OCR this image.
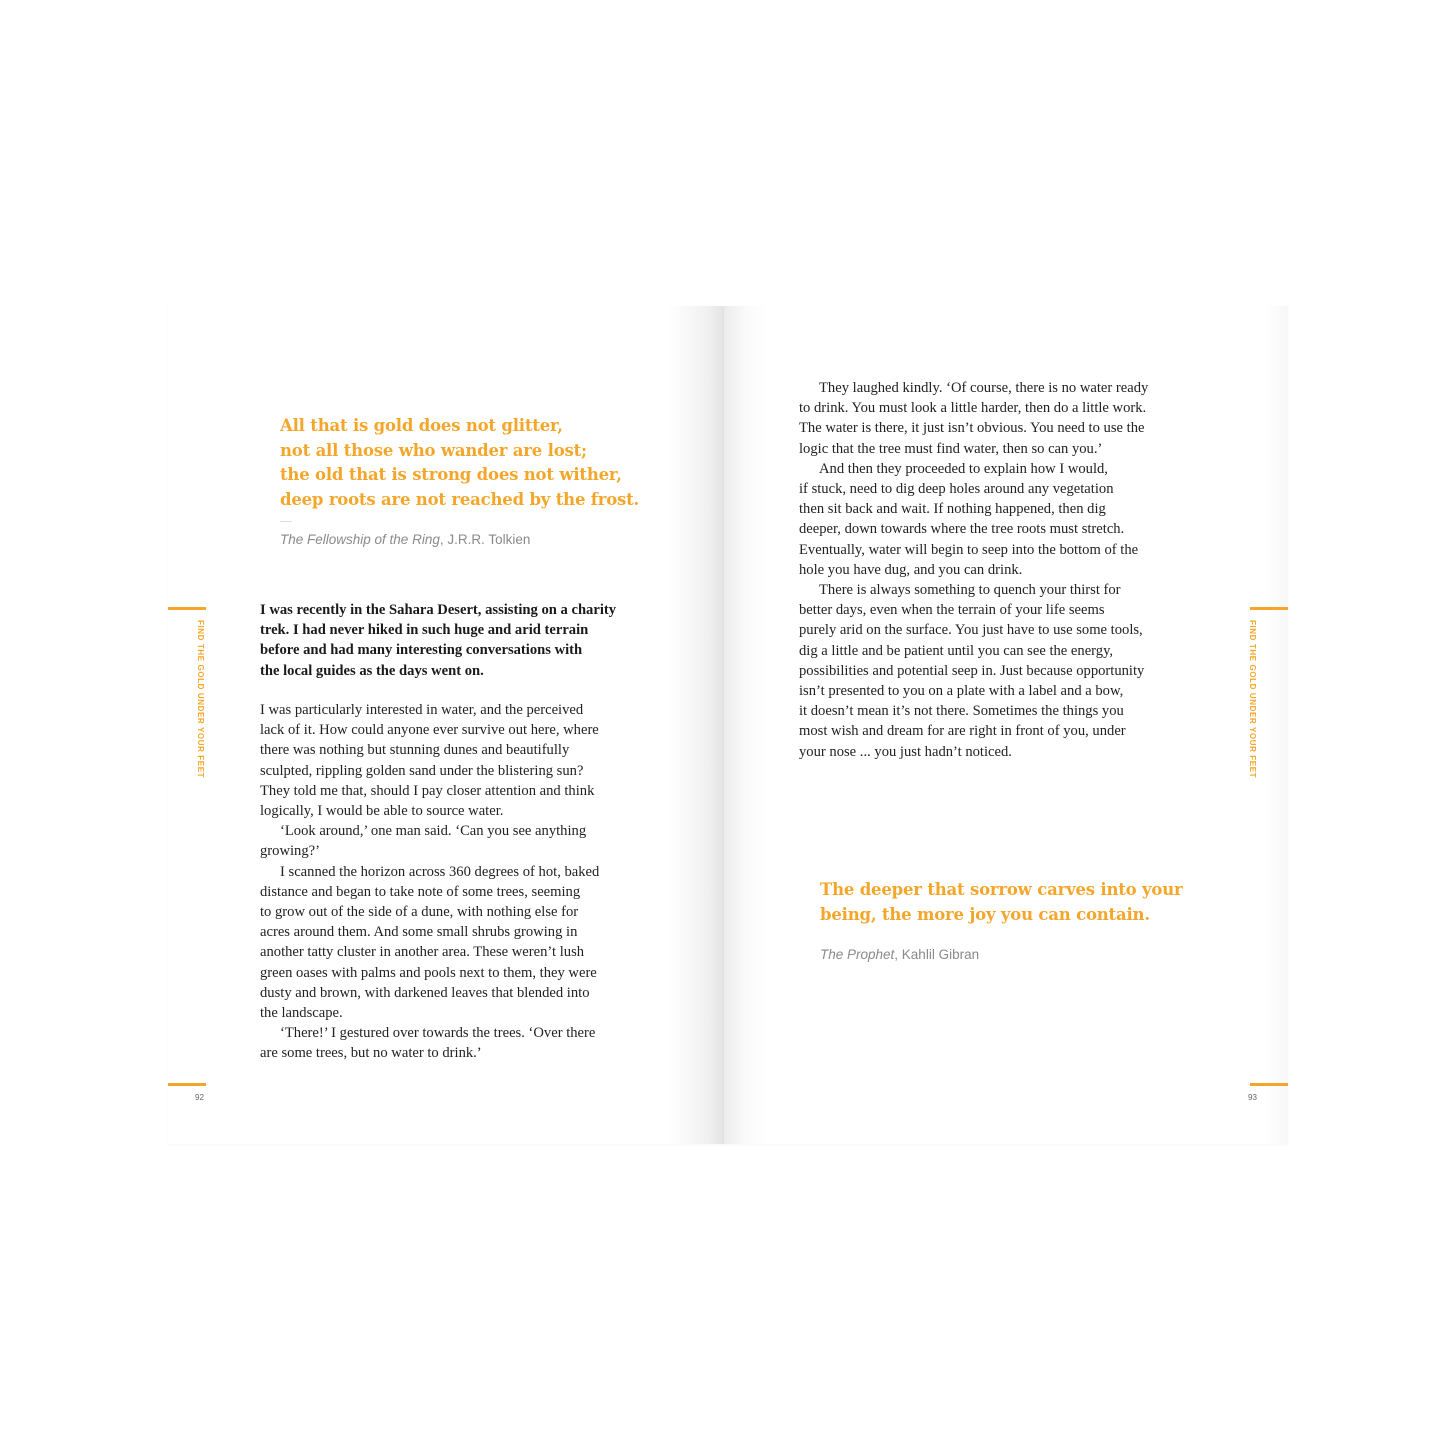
FIND THE GOLD UNDER YOUR FEET
92
All that is gold does not glitter,
not all those who wander are lost;
the old that is strong does not wither,
deep roots are not reached by the frost.
The Fellowship of the Ring, J.R.R. Tolkien
I was recently in the Sahara Desert, assisting on a charity
trek. I had never hiked in such huge and arid terrain
before and had many interesting conversations with
the local guides as the days went on.
I was particularly interested in water, and the perceived
lack of it. How could anyone ever survive out here, where
there was nothing but stunning dunes and beautifully
sculpted, rippling golden sand under the blistering sun?
They told me that, should I pay closer attention and think
logically, I would be able to source water.
‘Look around,’ one man said. ‘Can you see anything
growing?’
I scanned the horizon across 360 degrees of hot, baked
distance and began to take note of some trees, seeming
to grow out of the side of a dune, with nothing else for
acres around them. And some small shrubs growing in
another tatty cluster in another area. These weren’t lush
green oases with palms and pools next to them, they were
dusty and brown, with darkened leaves that blended into
the landscape.
‘There!’ I gestured over towards the trees. ‘Over there
are some trees, but no water to drink.’
FIND THE GOLD UNDER YOUR FEET
93
They laughed kindly. ‘Of course, there is no water ready
to drink. You must look a little harder, then do a little work.
The water is there, it just isn’t obvious. You need to use the
logic that the tree must find water, then so can you.’
And then they proceeded to explain how I would,
if stuck, need to dig deep holes around any vegetation
then sit back and wait. If nothing happened, then dig
deeper, down towards where the tree roots must stretch.
Eventually, water will begin to seep into the bottom of the
hole you have dug, and you can drink.
There is always something to quench your thirst for
better days, even when the terrain of your life seems
purely arid on the surface. You just have to use some tools,
dig a little and be patient until you can see the energy,
possibilities and potential seep in. Just because opportunity
isn’t presented to you on a plate with a label and a bow,
it doesn’t mean it’s not there. Sometimes the things you
most wish and dream for are right in front of you, under
your nose ... you just hadn’t noticed.
The deeper that sorrow carves into your
being, the more joy you can contain.
The Prophet, Kahlil Gibran
